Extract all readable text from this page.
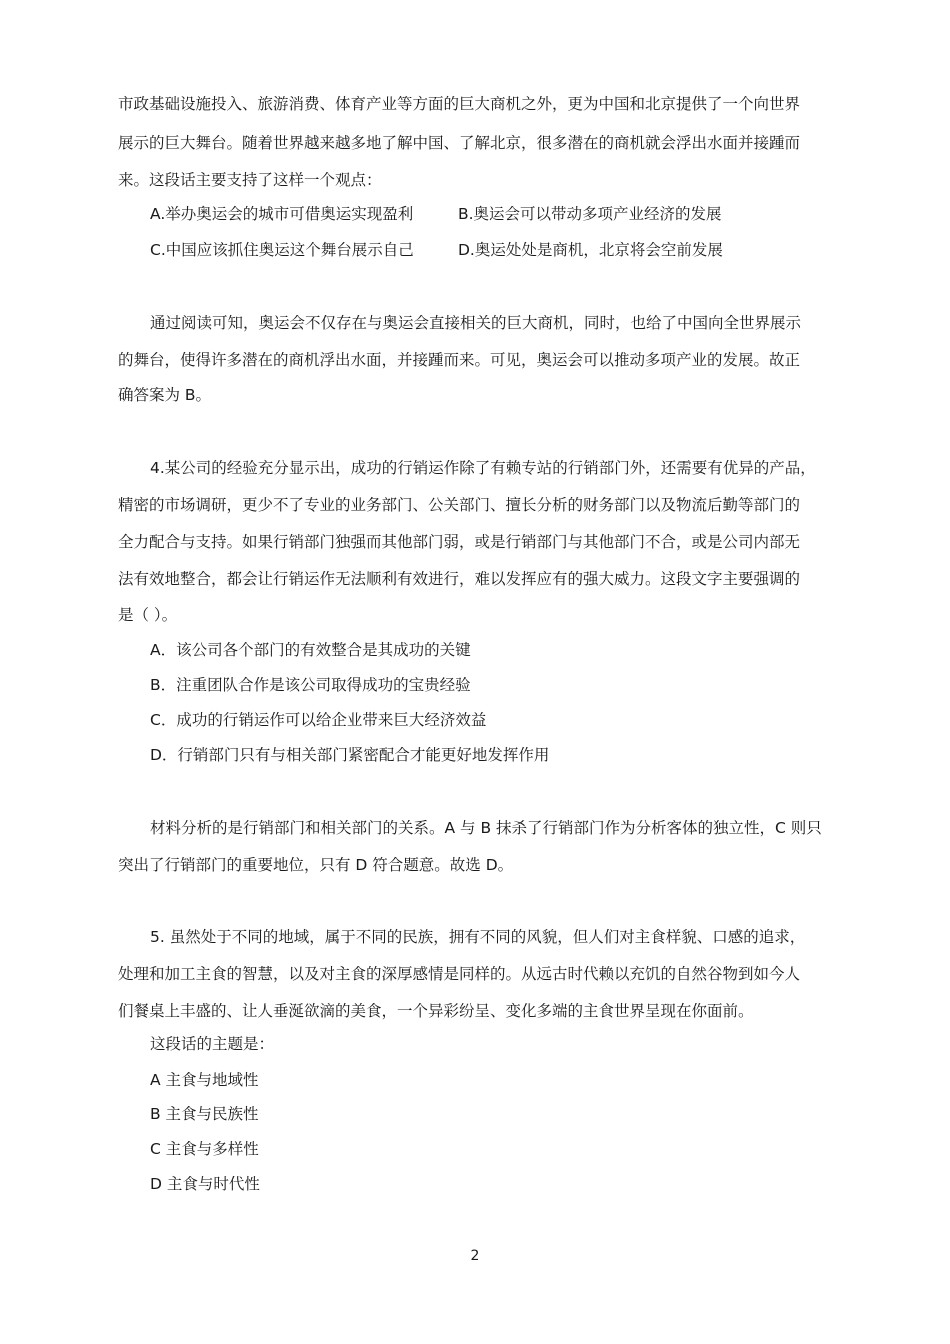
市政基础设施投入、旅游消费、体育产业等方面的巨大商机之外，更为中国和北京提供了一个向世界
展示的巨大舞台。随着世界越来越多地了解中国、了解北京，很多潜在的商机就会浮出水面并接踵而
来。这段话主要支持了这样一个观点：
A.举办奥运会的城市可借奥运实现盈利	B.奥运会可以带动多项产业经济的发展
C.中国应该抓住奥运这个舞台展示自己	D.奥运处处是商机，北京将会空前发展
通过阅读可知，奥运会不仅存在与奥运会直接相关的巨大商机，同时，也给了中国向全世界展示
的舞台，使得许多潜在的商机浮出水面，并接踵而来。可见，奥运会可以推动多项产业的发展。故正
确答案为 B。
4.某公司的经验充分显示出，成功的行销运作除了有赖专站的行销部门外，还需要有优异的产品，
精密的市场调研，更少不了专业的业务部门、公关部门、擅长分析的财务部门以及物流后勤等部门的
全力配合与支持。如果行销部门独强而其他部门弱，或是行销部门与其他部门不合，或是公司内部无
法有效地整合，都会让行销运作无法顺利有效进行，难以发挥应有的强大威力。这段文字主要强调的
是（ ）。
A．该公司各个部门的有效整合是其成功的关键
B．注重团队合作是该公司取得成功的宝贵经验
C．成功的行销运作可以给企业带来巨大经济效益
D．行销部门只有与相关部门紧密配合才能更好地发挥作用
材料分析的是行销部门和相关部门的关系。A 与 B 抹杀了行销部门作为分析客体的独立性，C 则只
突出了行销部门的重要地位，只有 D 符合题意。故选 D。
5. 虽然处于不同的地域，属于不同的民族，拥有不同的风貌，但人们对主食样貌、口感的追求，
处理和加工主食的智慧，以及对主食的深厚感情是同样的。从远古时代赖以充饥的自然谷物到如今人
们餐桌上丰盛的、让人垂涎欲滴的美食，一个异彩纷呈、变化多端的主食世界呈现在你面前。
这段话的主题是：
A 主食与地域性
B 主食与民族性
C 主食与多样性
D 主食与时代性
2
